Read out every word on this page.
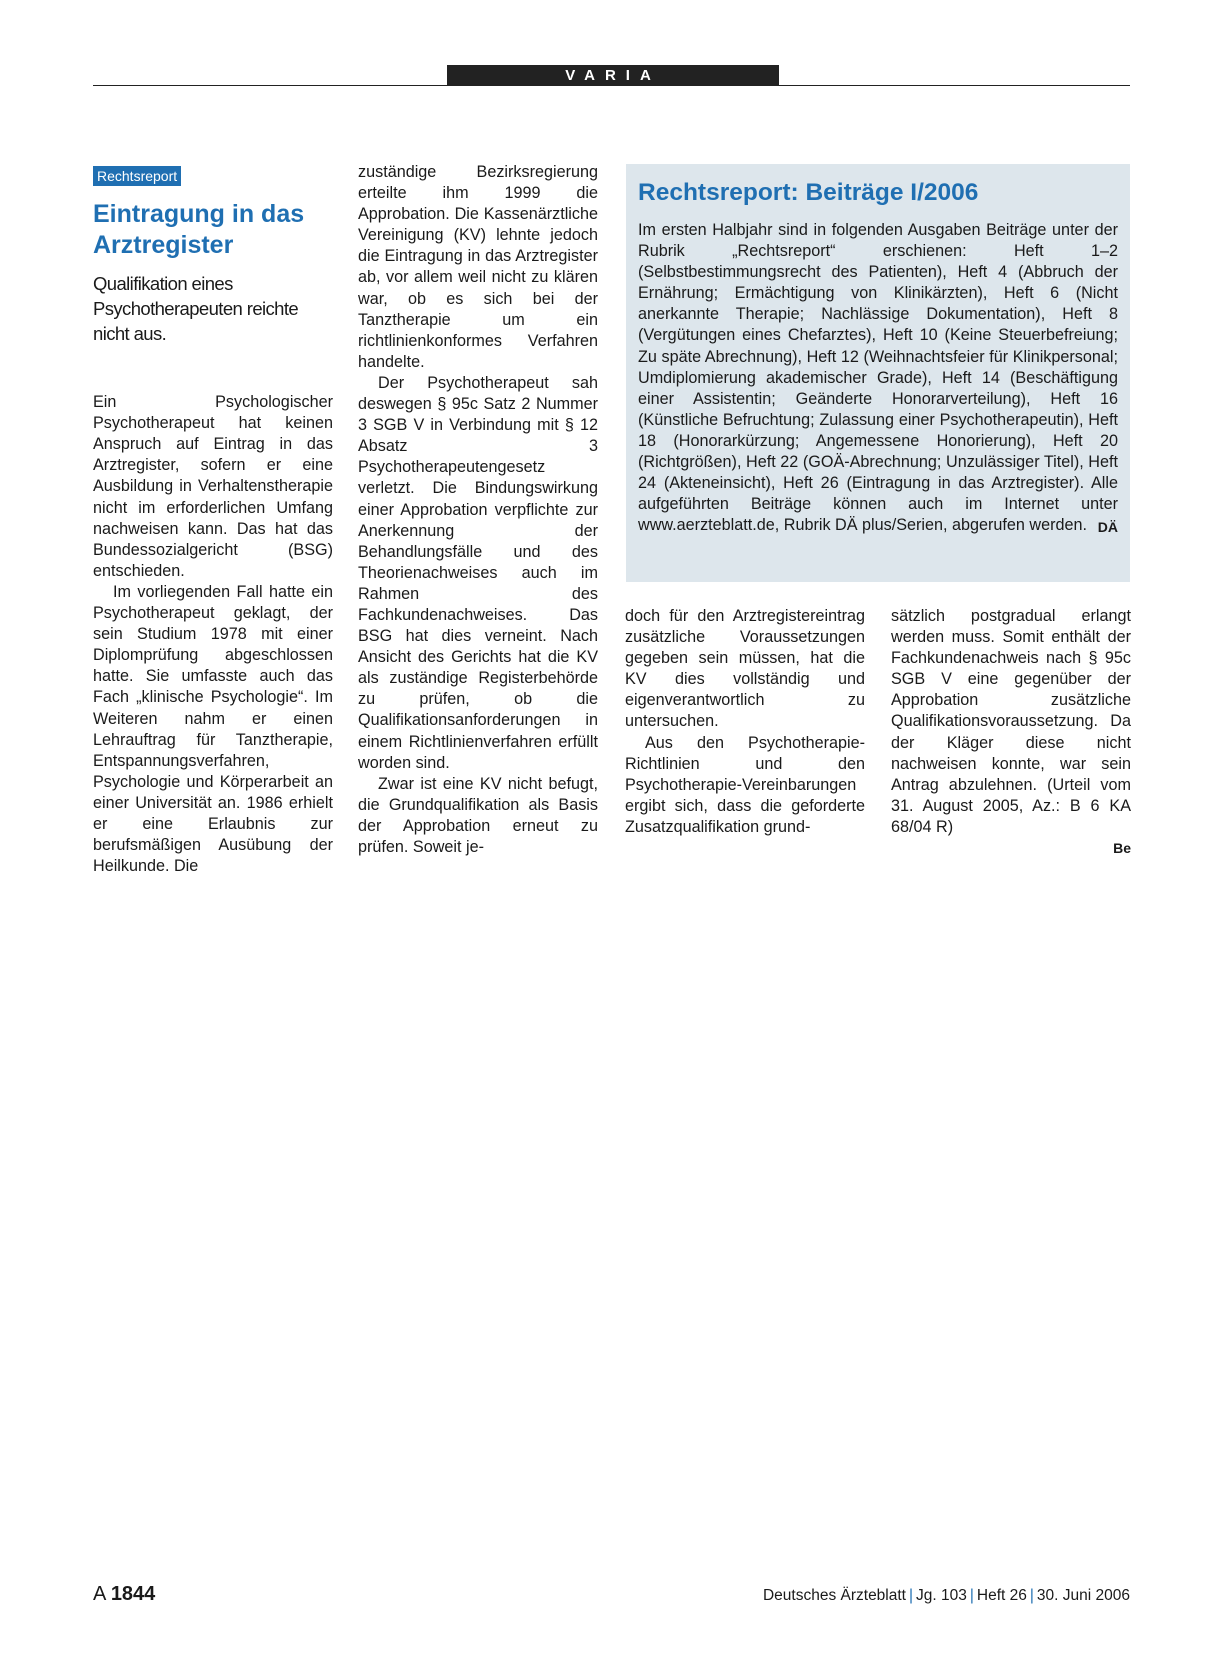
VARIA
Rechtsreport
Eintragung in das Arztregister
Qualifikation eines Psychotherapeuten reichte nicht aus.

Ein Psychologischer Psychotherapeut hat keinen Anspruch auf Eintrag in das Arztregister, sofern er eine Ausbildung in Verhaltenstherapie nicht im erforderlichen Umfang nachweisen kann. Das hat das Bundessozialgericht (BSG) entschieden.

Im vorliegenden Fall hatte ein Psychotherapeut geklagt, der sein Studium 1978 mit einer Diplomprüfung abgeschlossen hatte. Sie umfasste auch das Fach „klinische Psychologie“. Im Weiteren nahm er einen Lehrauftrag für Tanztherapie, Entspannungsverfahren, Psychologie und Körperarbeit an einer Universität an. 1986 erhielt er eine Erlaubnis zur berufsmäßigen Ausübung der Heilkunde. Die

zuständige Bezirksregierung erteilte ihm 1999 die Approbation. Die Kassenärztliche Vereinigung (KV) lehnte jedoch die Eintragung in das Arztregister ab, vor allem weil nicht zu klären war, ob es sich bei der Tanztherapie um ein richtlinienkonformes Verfahren handelte.

Der Psychotherapeut sah deswegen § 95c Satz 2 Nummer 3 SGB V in Verbindung mit § 12 Absatz 3 Psychotherapeutengesetz verletzt. Die Bindungswirkung einer Approbation verpflichte zur Anerkennung der Behandlungsfälle und des Theorienachweises auch im Rahmen des Fachkundenachweises. Das BSG hat dies verneint. Nach Ansicht des Gerichts hat die KV als zuständige Registerbehörde zu prüfen, ob die Qualifikationsanforderungen in einem Richtlinienverfahren erfüllt worden sind.

Zwar ist eine KV nicht befugt, die Grundqualifikation als Basis der Approbation erneut zu prüfen. Soweit je-

Rechtsreport: Beiträge I/2006
Im ersten Halbjahr sind in folgenden Ausgaben Beiträge unter der Rubrik „Rechtsreport“ erschienen: Heft 1–2 (Selbstbestimmungsrecht des Patienten), Heft 4 (Abbruch der Ernährung; Ermächtigung von Klinikärzten), Heft 6 (Nicht anerkannte Therapie; Nachlässige Dokumentation), Heft 8 (Vergütungen eines Chefarztes), Heft 10 (Keine Steuerbefreiung; Zu späte Abrechnung), Heft 12 (Weihnachtsfeier für Klinikpersonal; Umdiplomierung akademischer Grade), Heft 14 (Beschäftigung einer Assistentin; Geänderte Honorarverteilung), Heft 16 (Künstliche Befruchtung; Zulassung einer Psychotherapeutin), Heft 18 (Honorarkürzung; Angemessene Honorierung), Heft 20 (Richtgrößen), Heft 22 (GOÄ-Abrechnung; Unzulässiger Titel), Heft 24 (Akteneinsicht), Heft 26 (Eintragung in das Arztregister). Alle aufgeführten Beiträge können auch im Internet unter www.aerzteblatt.de, Rubrik DÄ plus/Serien, abgerufen werden. DÄ

doch für den Arztregistereintrag zusätzliche Voraussetzungen gegeben sein müssen, hat die KV dies vollständig und eigenverantwortlich zu untersuchen.

Aus den Psychotherapie-Richtlinien und den Psychotherapie-Vereinbarungen ergibt sich, dass die geforderte Zusatzqualifikation grund-

sätzlich postgradual erlangt werden muss. Somit enthält der Fachkundenachweis nach § 95c SGB V eine gegenüber der Approbation zusätzliche Qualifikationsvoraussetzung. Da der Kläger diese nicht nachweisen konnte, war sein Antrag abzulehnen. (Urteil vom 31. August 2005, Az.: B 6 KA 68/04 R)

Be
A 1844	Deutsches Ärzteblatt | Jg. 103 | Heft 26 | 30. Juni 2006
